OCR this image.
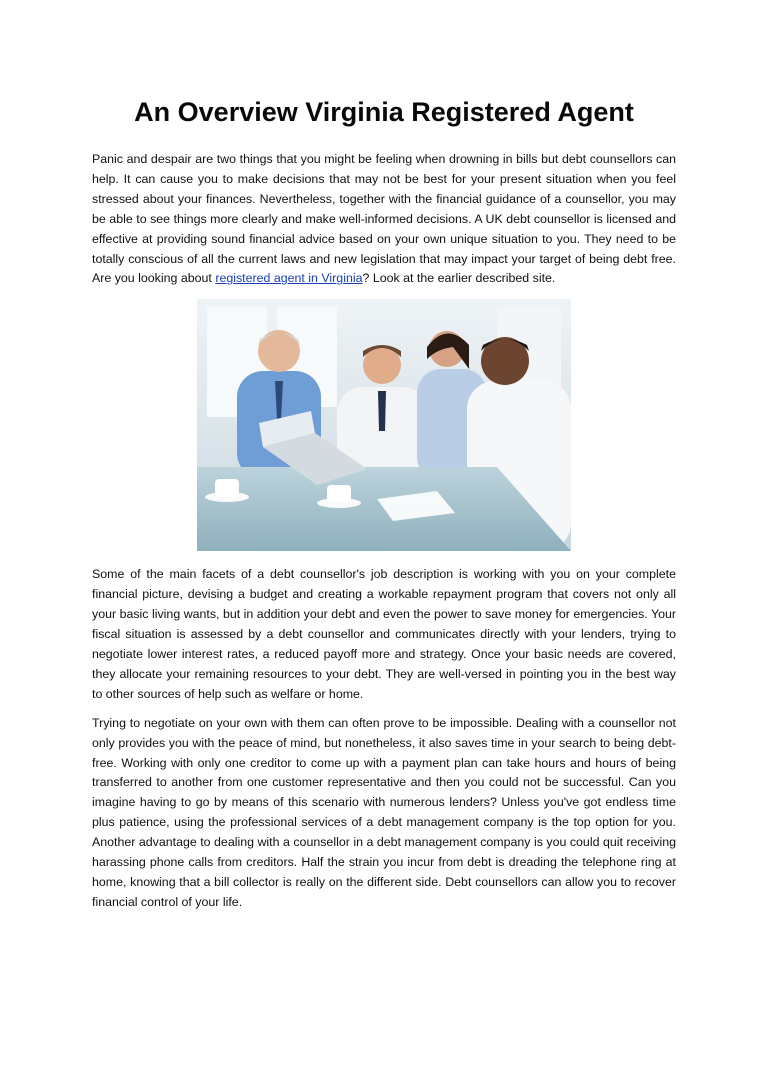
An Overview Virginia Registered Agent

Panic and despair are two things that you might be feeling when drowning in bills but debt counsellors can help. It can cause you to make decisions that may not be best for your present situation when you feel stressed about your finances. Nevertheless, together with the financial guidance of a counsellor, you may be able to see things more clearly and make well-informed decisions. A UK debt counsellor is licensed and effective at providing sound financial advice based on your own unique situation to you. They need to be totally conscious of all the current laws and new legislation that may impact your target of being debt free. Are you looking about registered agent in Virginia? Look at the earlier described site.

Some of the main facets of a debt counsellor's job description is working with you on your complete financial picture, devising a budget and creating a workable repayment program that covers not only all your basic living wants, but in addition your debt and even the power to save money for emergencies. Your fiscal situation is assessed by a debt counsellor and communicates directly with your lenders, trying to negotiate lower interest rates, a reduced payoff more and strategy. Once your basic needs are covered, they allocate your remaining resources to your debt. They are well-versed in pointing you in the best way to other sources of help such as welfare or home.

Trying to negotiate on your own with them can often prove to be impossible. Dealing with a counsellor not only provides you with the peace of mind, but nonetheless, it also saves time in your search to being debt-free. Working with only one creditor to come up with a payment plan can take hours and hours of being transferred to another from one customer representative and then you could not be successful. Can you imagine having to go by means of this scenario with numerous lenders? Unless you've got endless time plus patience, using the professional services of a debt management company is the top option for you. Another advantage to dealing with a counsellor in a debt management company is you could quit receiving harassing phone calls from creditors. Half the strain you incur from debt is dreading the telephone ring at home, knowing that a bill collector is really on the different side. Debt counsellors can allow you to recover financial control of your life.
